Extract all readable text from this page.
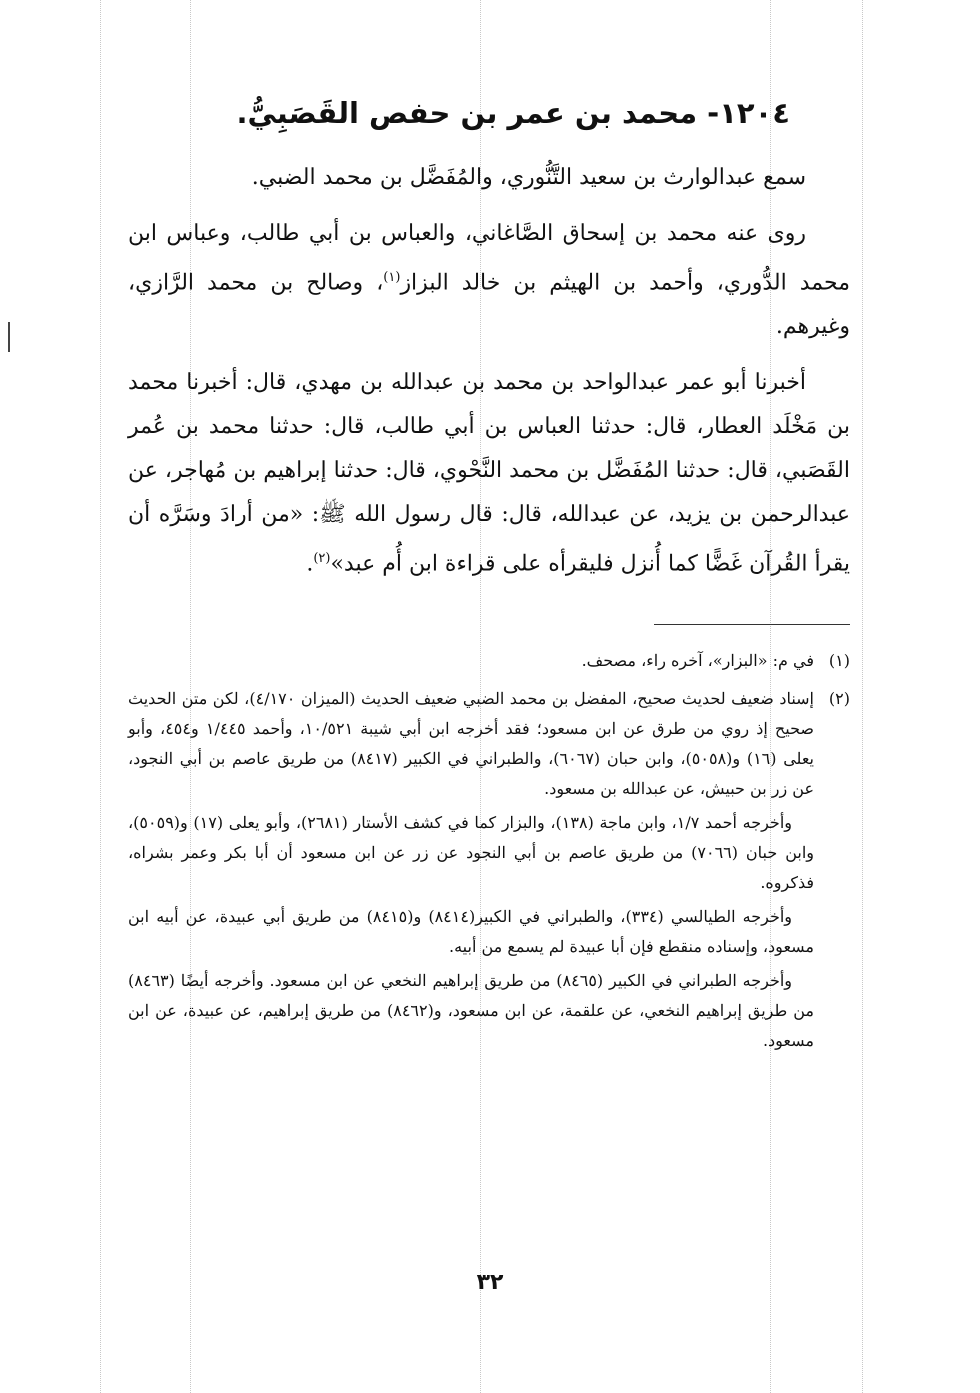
١٢٠٤- محمد بن عمر بن حفص القَصَبِيُّ.

سمع عبدالوارث بن سعيد التَّنُّوري، والمُفَضَّل بن محمد الضبي.

روى عنه محمد بن إسحاق الصَّاغاني، والعباس بن أبي طالب، وعباس ابن محمد الدُّوري، وأحمد بن الهيثم بن خالد البزاز$^{(١)}$، وصالح بن محمد الرَّازي، وغيرهم.

أخبرنا أبو عمر عبدالواحد بن محمد بن عبدالله بن مهدي، قال: أخبرنا محمد بن مَخْلَد العطار، قال: حدثنا العباس بن أبي طالب، قال: حدثنا محمد بن عُمر القَصَبي، قال: حدثنا المُفَضَّل بن محمد النَّحْوي، قال: حدثنا إبراهيم بن مُهاجر، عن عبدالرحمن بن يزيد، عن عبدالله، قال: قال رسول الله ﷺ: «من أرادَ وسَرَّه أن يقرأ القُرآن غَضًّا كما أُنزل فليقرأه على قراءة ابن أُم عبد»$^{(٢)}$.

(١)

في م: «البزار»، آخره راء، مصحف.

(٢)

إسناد ضعيف لحديث صحيح، المفضل بن محمد الضبي ضعيف الحديث (الميزان ٤/١٧٠)، لكن متن الحديث صحيح إذ روي من طرق عن ابن مسعود؛ فقد أخرجه ابن أبي شيبة ١٠/٥٢١، وأحمد ١/٤٤٥ و٤٥٤، وأبو يعلى (١٦) و(٥٠٥٨)، وابن حبان (٦٠٦٧)، والطبراني في الكبير (٨٤١٧) من طريق عاصم بن أبي النجود، عن زر بن حبيش، عن عبدالله بن مسعود.

وأخرجه أحمد ١/٧، وابن ماجة (١٣٨)، والبزار كما في كشف الأستار (٢٦٨١)، وأبو يعلى (١٧) و(٥٠٥٩)، وابن حبان (٧٠٦٦) من طريق عاصم بن أبي النجود عن زر عن ابن مسعود أن أبا بكر وعمر بشراه، فذكروه.

وأخرجه الطيالسي (٣٣٤)، والطبراني في الكبير(٨٤١٤) و(٨٤١٥) من طريق أبي عبيدة، عن أبيه ابن مسعود، وإسناده منقطع فإن أبا عبيدة لم يسمع من أبيه.

وأخرجه الطبراني في الكبير (٨٤٦٥) من طريق إبراهيم النخعي عن ابن مسعود. وأخرجه أيضًا (٨٤٦٣) من طريق إبراهيم النخعي، عن علقمة، عن ابن مسعود، و(٨٤٦٢) من طريق إبراهيم، عن عبيدة، عن ابن مسعود.

٣٢
